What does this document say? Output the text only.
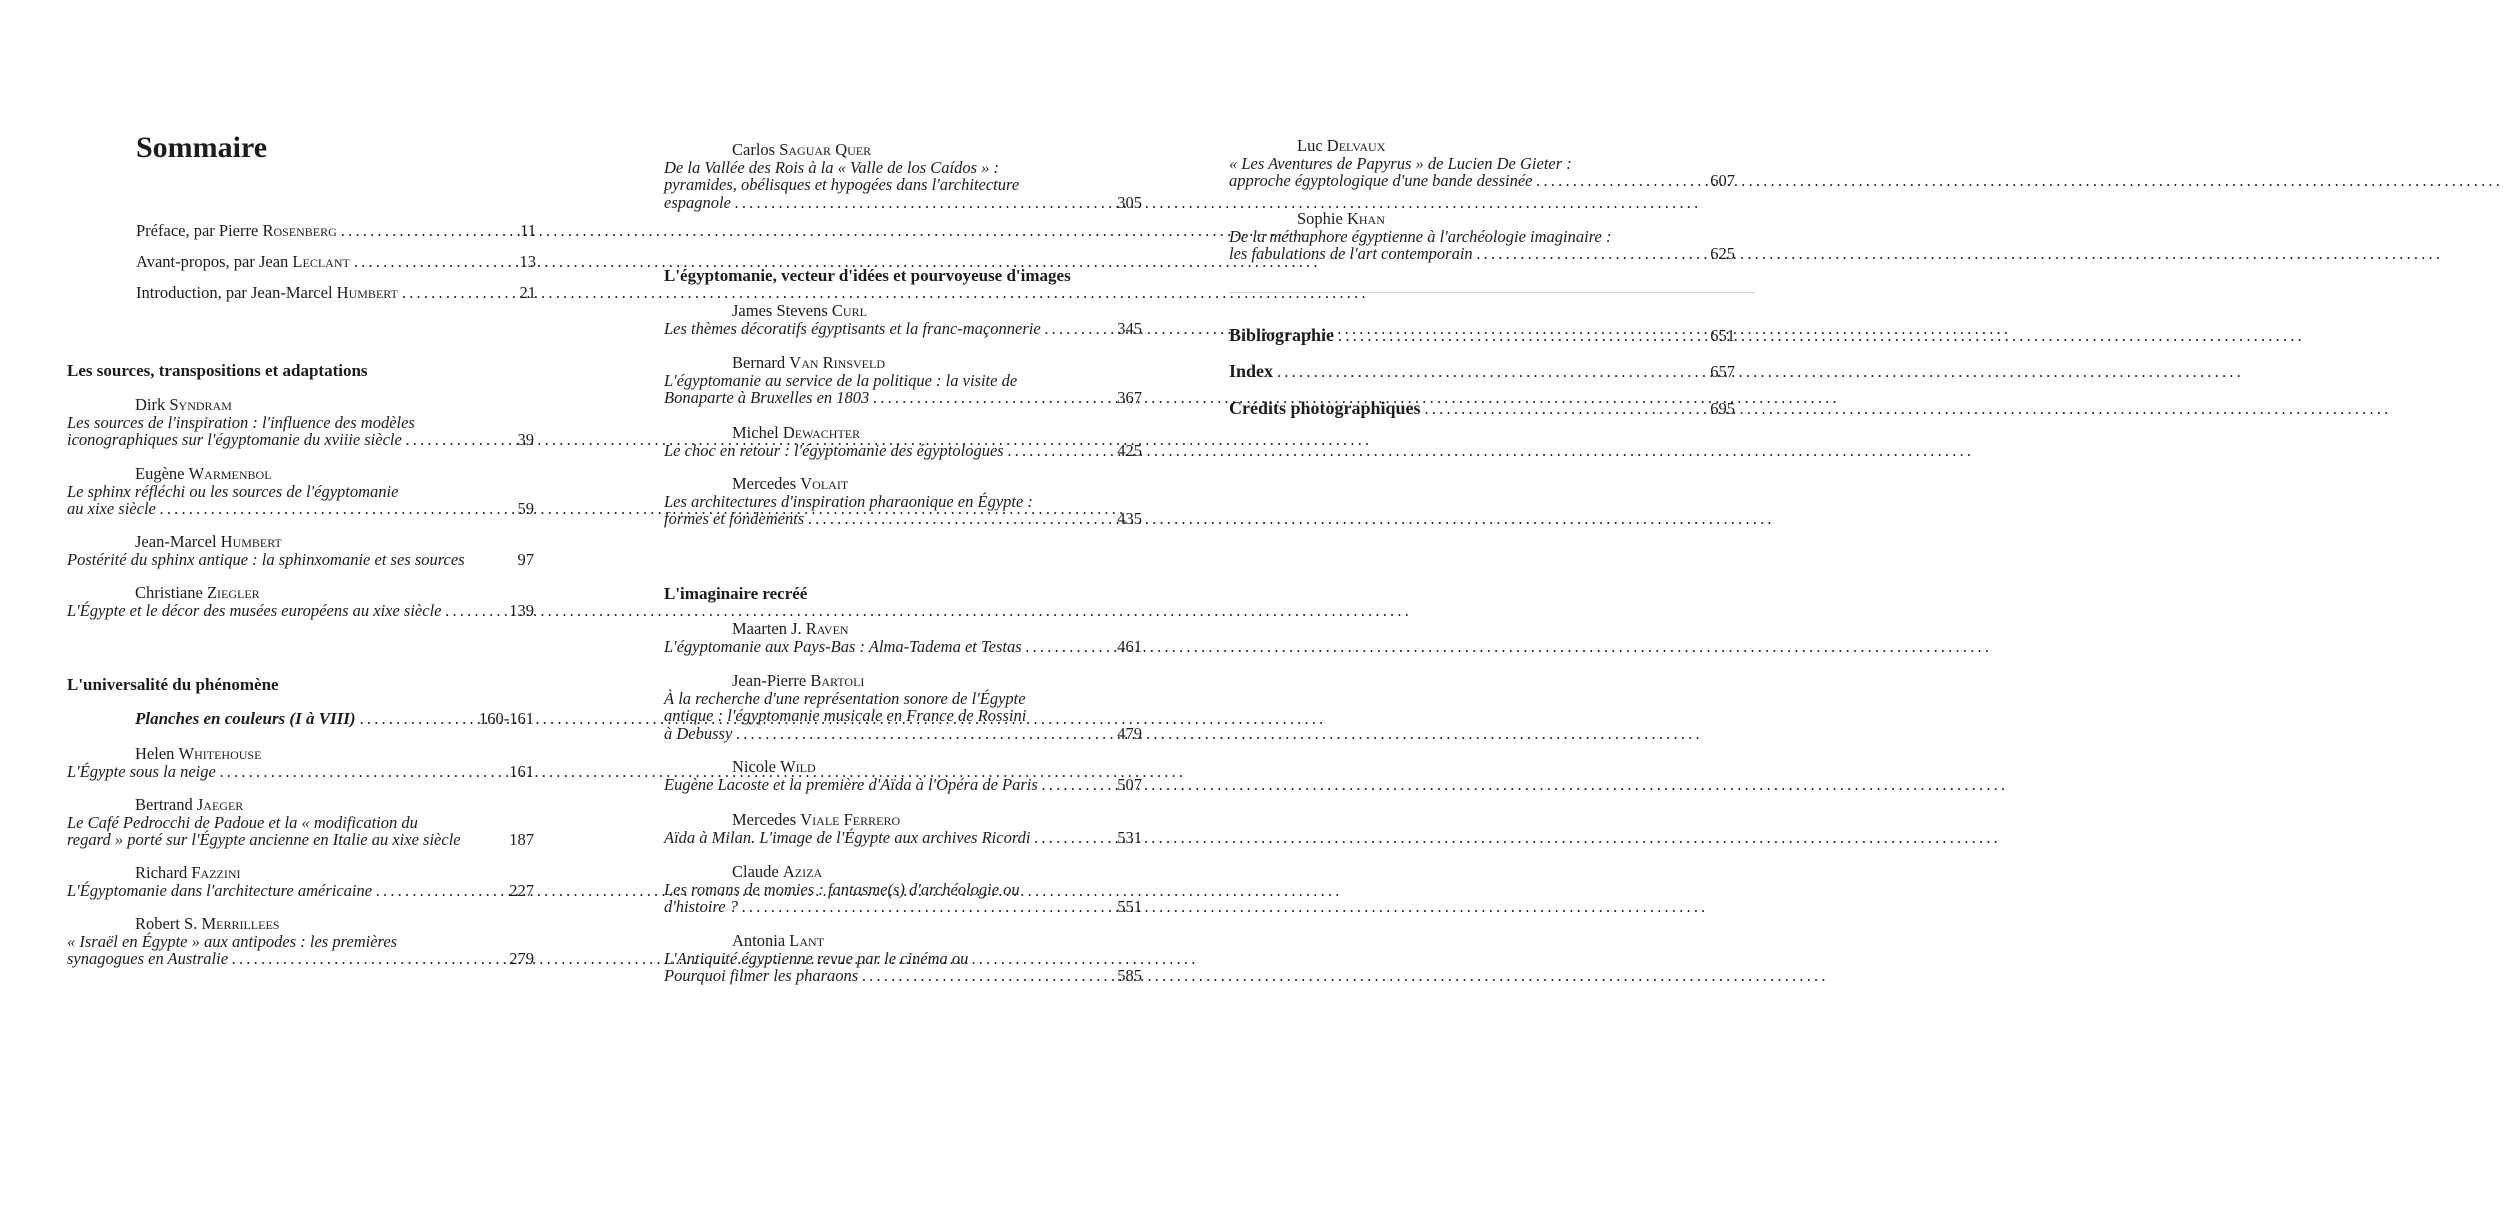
Sommaire
Préface, par Pierre Rosenberg .....	11
Avant-propos, par Jean Leclant .....	13
Introduction, par Jean-Marcel Humbert .....	21
Les sources, transpositions et adaptations
Dirk Syndram
Les sources de l'inspiration : l'influence des modèles
iconographiques sur l'égyptomanie du xviiie siècle .....	39
Eugène Warmenbol
Le sphinx réfléchi ou les sources de l'égyptomanie
au xixe siècle .....	59
Jean-Marcel Humbert
Postérité du sphinx antique : la sphinxomanie et ses sources	97
Christiane Ziegler
L'Égypte et le décor des musées européens au xixe siècle .....	139
L'universalité du phénomène
Planches en couleurs (I à VIII) .....	160-161
Helen Whitehouse
L'Égypte sous la neige .....	161
Bertrand Jaeger
Le Café Pedrocchi de Padoue et la « modification du
regard » porté sur l'Égypte ancienne en Italie au xixe siècle	187
Richard Fazzini
L'Égyptomanie dans l'architecture américaine .....	227
Robert S. Merrillees
« Israël en Égypte » aux antipodes : les premières
synagogues en Australie .....	279
Carlos Saguar Quer
De la Vallée des Rois à la « Valle de los Caídos » :
pyramides, obélisques et hypogées dans l'architecture
espagnole .....	305
L'égyptomanie, vecteur d'idées et pourvoyeuse d'images
James Stevens Curl
Les thèmes décoratifs égyptisants et la franc-maçonnerie .....	345
Bernard Van Rinsveld
L'égyptomanie au service de la politique : la visite de
Bonaparte à Bruxelles en 1803 .....	367
Michel Dewachter
Le choc en retour : l'égyptomanie des égyptologues .....	425
Mercedes Volait
Les architectures d'inspiration pharaonique en Égypte :
formes et fondements .....	435
L'imaginaire recréé
Maarten J. Raven
L'égyptomanie aux Pays-Bas : Alma-Tadema et Testas .....	461
Jean-Pierre Bartoli
À la recherche d'une représentation sonore de l'Égypte
antique : l'égyptomanie musicale en France de Rossini
à Debussy .....	479
Nicole Wild
Eugène Lacoste et la première d'Aïda à l'Opéra de Paris .....	507
Mercedes Viale Ferrero
Aïda à Milan. L'image de l'Égypte aux archives Ricordi .....	531
Claude Aziza
Les romans de momies : fantasme(s) d'archéologie ou
d'histoire ? .....	551
Antonia Lant
L'Antiquité égyptienne revue par le cinéma ou
Pourquoi filmer les pharaons .....	585
Luc Delvaux
« Les Aventures de Papyrus » de Lucien De Gieter :
approche égyptologique d'une bande dessinée .....	607
Sophie Khan
De la méthaphore égyptienne à l'archéologie imaginaire :
les fabulations de l'art contemporain .....	625
Bibliographie .....	651
Index .....	657
Crédits photographiques .....	695
